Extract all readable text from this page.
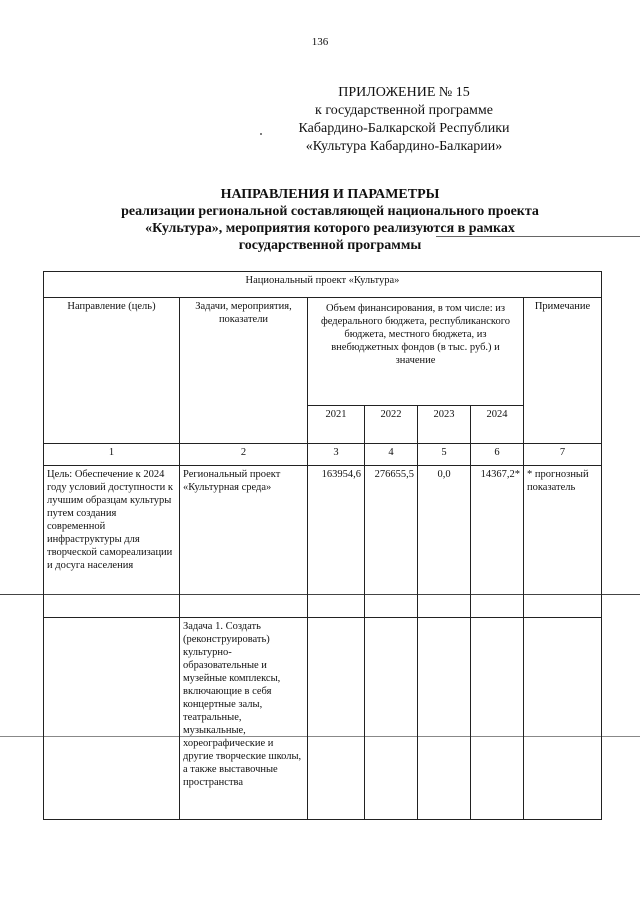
136
ПРИЛОЖЕНИЕ № 15
к государственной программе
Кабардино-Балкарской Республики
«Культура Кабардино-Балкарии»
НАПРАВЛЕНИЯ И ПАРАМЕТРЫ
реализации региональной составляющей национального проекта
«Культура», мероприятия которого реализуются в рамках
государственной программы
Национальный проект «Культура»						
Направление (цель)	Задачи, мероприятия, показатели	Объем финансирования, в том числе: из федерального бюджета, республиканского бюджета, местного бюджета, из внебюджетных фондов (в тыс. руб.) и значение				Примечание
		2021	2022	2023	2024	
1	2	3	4	5	6	7
Цель: Обеспечение к 2024 году условий доступности к лучшим образцам культуры путем создания современной инфраструктуры для творческой самореализации и досуга населения	Региональный проект «Культурная среда»	163954,6	276655,5	0,0	14367,2*	* прогнозный показатель
	Задача 1. Создать (реконструировать) культурно-образовательные и музейные комплексы, включающие в себя концертные залы, театральные, музыкальные, хореографические и другие творческие школы, а также выставочные пространства					
